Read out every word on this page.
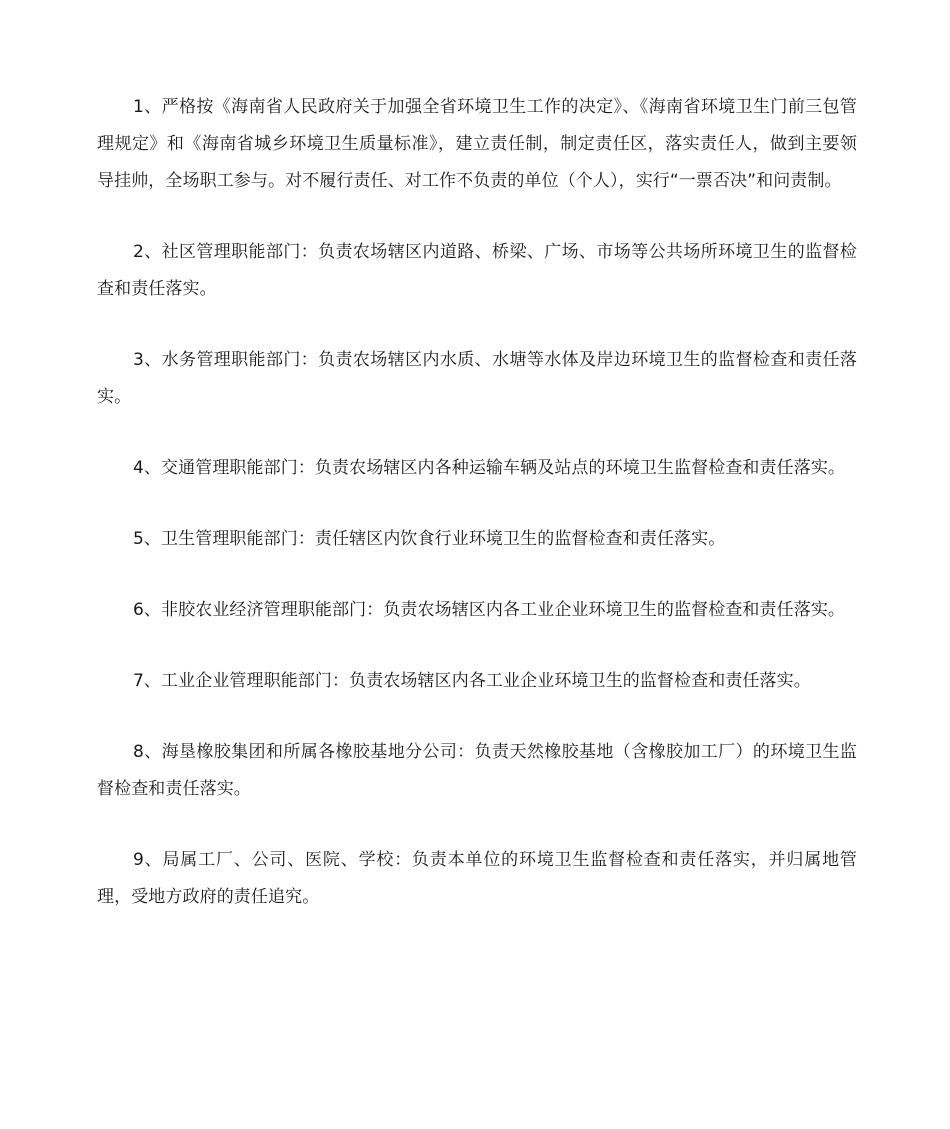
1、严格按《海南省人民政府关于加强全省环境卫生工作的决定》、《海南省环境卫生门前三包管理规定》和《海南省城乡环境卫生质量标准》，建立责任制，制定责任区，落实责任人，做到主要领导挂帅，全场职工参与。对不履行责任、对工作不负责的单位（个人），实行“一票否决”和问责制。

2、社区管理职能部门：负责农场辖区内道路、桥梁、广场、市场等公共场所环境卫生的监督检查和责任落实。

3、水务管理职能部门：负责农场辖区内水质、水塘等水体及岸边环境卫生的监督检查和责任落实。

4、交通管理职能部门：负责农场辖区内各种运输车辆及站点的环境卫生监督检查和责任落实。

5、卫生管理职能部门：责任辖区内饮食行业环境卫生的监督检查和责任落实。

6、非胶农业经济管理职能部门：负责农场辖区内各工业企业环境卫生的监督检查和责任落实。

7、工业企业管理职能部门：负责农场辖区内各工业企业环境卫生的监督检查和责任落实。

8、海垦橡胶集团和所属各橡胶基地分公司：负责天然橡胶基地（含橡胶加工厂）的环境卫生监督检查和责任落实。

9、局属工厂、公司、医院、学校：负责本单位的环境卫生监督检查和责任落实，并归属地管理，受地方政府的责任追究。
